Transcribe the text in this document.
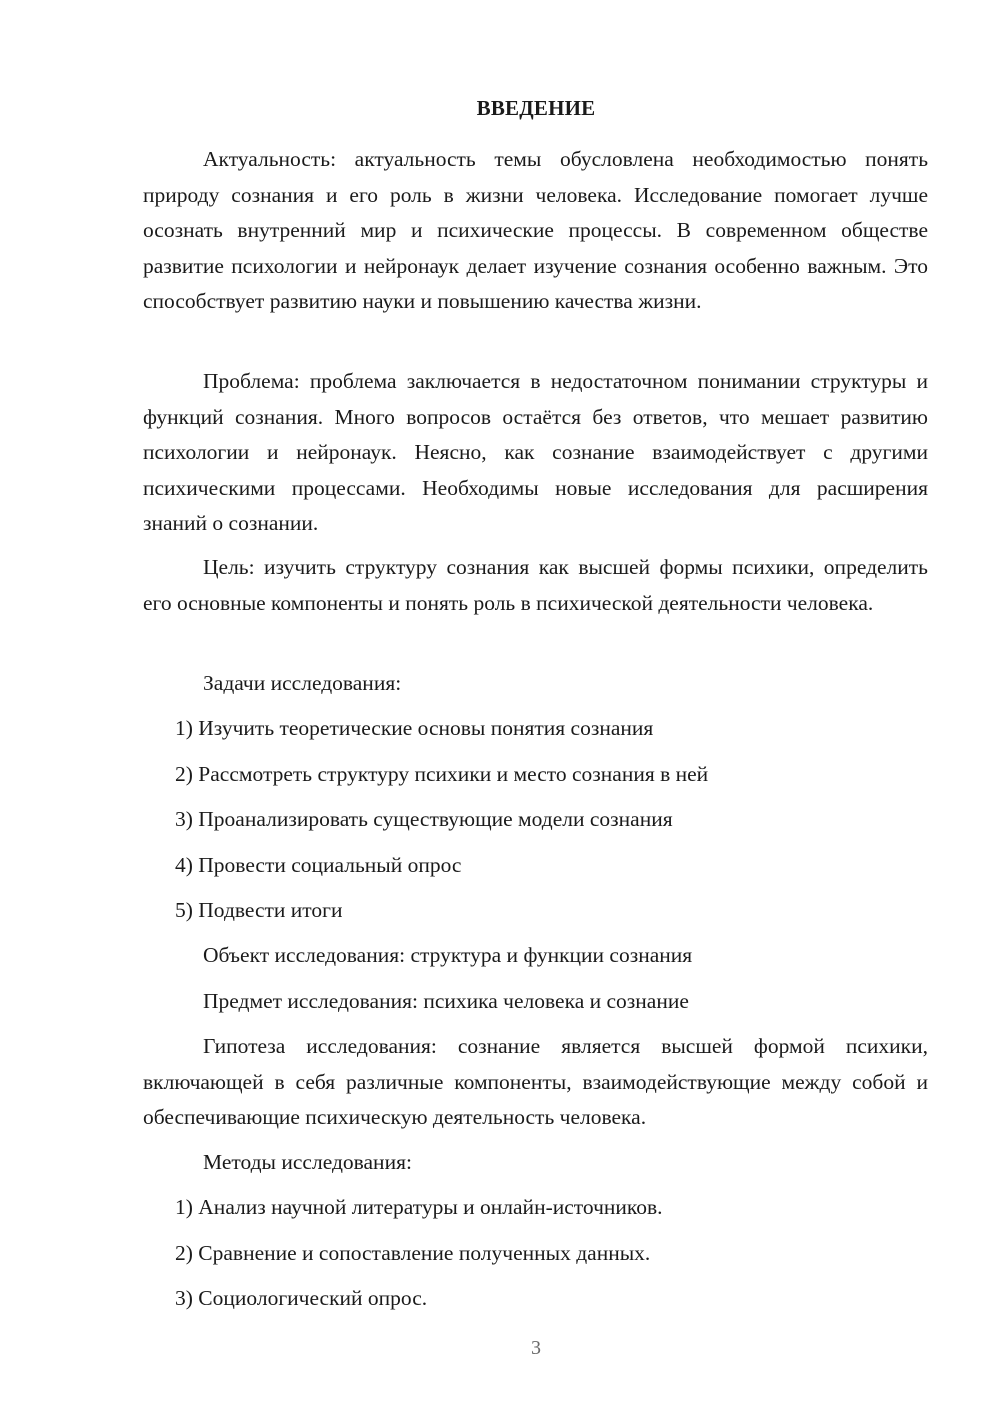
ВВЕДЕНИЕ

Актуальность: актуальность темы обусловлена необходимостью понять природу сознания и его роль в жизни человека. Исследование помогает лучше осознать внутренний мир и психические процессы. В современном обществе развитие психологии и нейронаук делает изучение сознания особенно важным. Это способствует развитию науки и повышению качества жизни.

Проблема: проблема заключается в недостаточном понимании структуры и функций сознания. Много вопросов остаётся без ответов, что мешает развитию психологии и нейронаук. Неясно, как сознание взаимодействует с другими психическими процессами. Необходимы новые исследования для расширения знаний о сознании.

Цель: изучить структуру сознания как высшей формы психики, определить его основные компоненты и понять роль в психической деятельности человека.

Задачи исследования:

1) Изучить теоретические основы понятия сознания

2) Рассмотреть структуру психики и место сознания в ней

3) Проанализировать существующие модели сознания

4) Провести социальный опрос

5) Подвести итоги

Объект исследования: структура и функции сознания

Предмет исследования: психика человека и сознание

Гипотеза исследования: сознание является высшей формой психики, включающей в себя различные компоненты, взаимодействующие между собой и обеспечивающие психическую деятельность человека.

Методы исследования:

1) Анализ научной литературы и онлайн-источников.

2) Сравнение и сопоставление полученных данных.

3) Социологический опрос.

3
